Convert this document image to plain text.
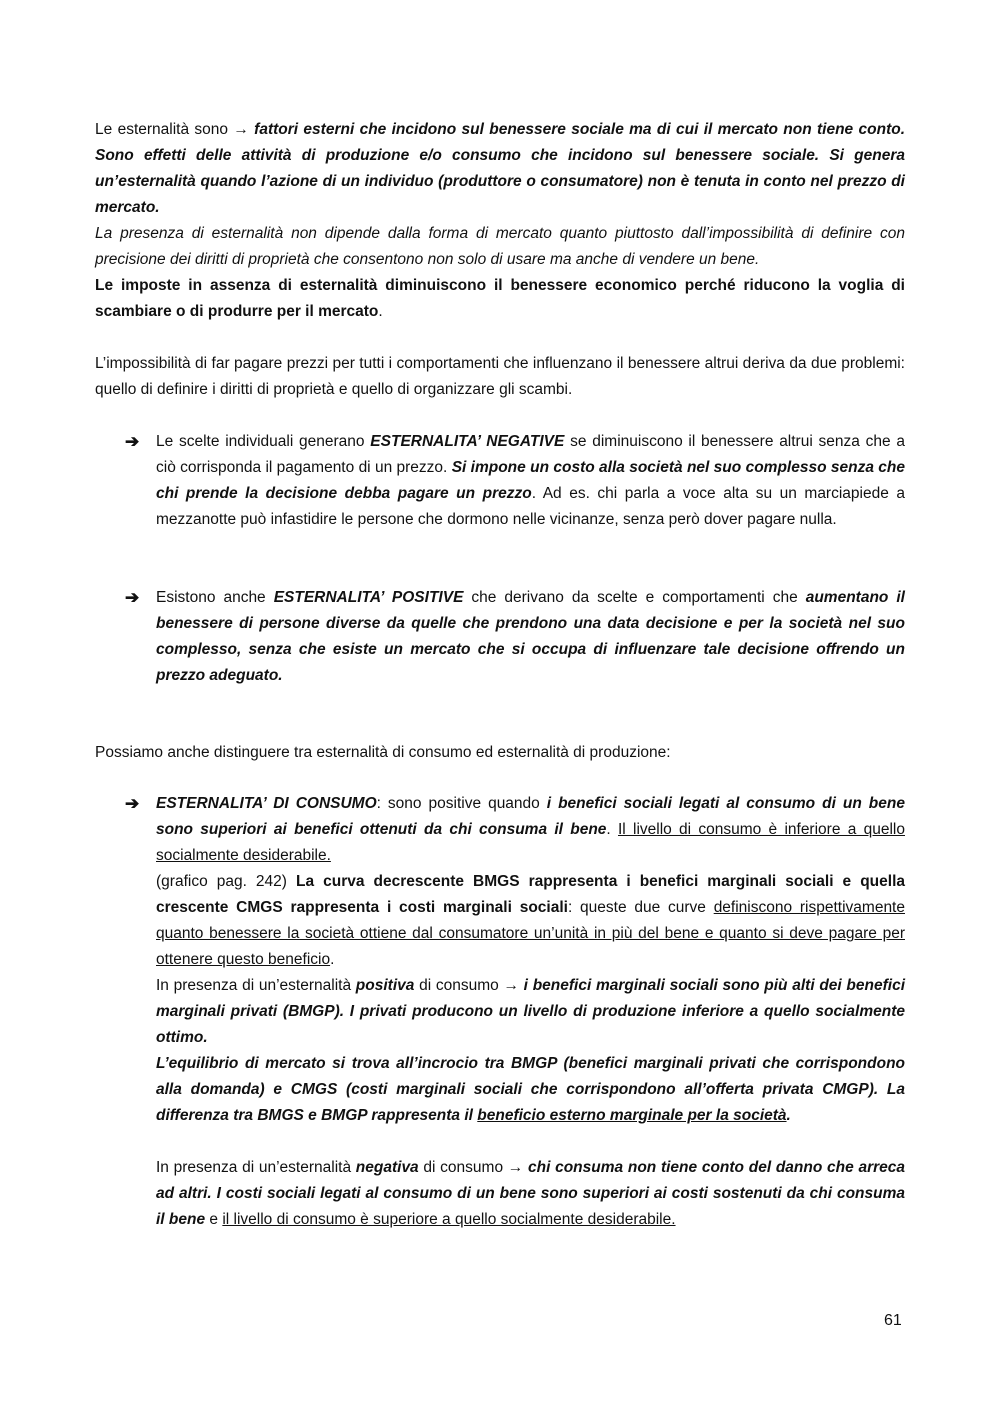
Le esternalità sono → fattori esterni che incidono sul benessere sociale ma di cui il mercato non tiene conto. Sono effetti delle attività di produzione e/o consumo che incidono sul benessere sociale. Si genera un’esternalità quando l’azione di un individuo (produttore o consumatore) non è tenuta in conto nel prezzo di mercato.

La presenza di esternalità non dipende dalla forma di mercato quanto piuttosto dall’impossibilità di definire con precisione dei diritti di proprietà che consentono non solo di usare ma anche di vendere un bene.

Le imposte in assenza di esternalità diminuiscono il benessere economico perché riducono la voglia di scambiare o di produrre per il mercato.

L’impossibilità di far pagare prezzi per tutti i comportamenti che influenzano il benessere altrui deriva da due problemi: quello di definire i diritti di proprietà e quello di organizzare gli scambi.

➔ Le scelte individuali generano ESTERNALITA’ NEGATIVE se diminuiscono il benessere altrui senza che a ciò corrisponda il pagamento di un prezzo. Si impone un costo alla società nel suo complesso senza che chi prende la decisione debba pagare un prezzo. Ad es. chi parla a voce alta su un marciapiede a mezzanotte può infastidire le persone che dormono nelle vicinanze, senza però dover pagare nulla.
➔ Esistono anche ESTERNALITA’ POSITIVE che derivano da scelte e comportamenti che aumentano il benessere di persone diverse da quelle che prendono una data decisione e per la società nel suo complesso, senza che esiste un mercato che si occupa di influenzare tale decisione offrendo un prezzo adeguato.

Possiamo anche distinguere tra esternalità di consumo ed esternalità di produzione:

➔ ESTERNALITA’ DI CONSUMO: sono positive quando i benefici sociali legati al consumo di un bene sono superiori ai benefici ottenuti da chi consuma il bene. Il livello di consumo è inferiore a quello socialmente desiderabile.

(grafico pag. 242) La curva decrescente BMGS rappresenta i benefici marginali sociali e quella crescente CMGS rappresenta i costi marginali sociali: queste due curve definiscono rispettivamente quanto benessere la società ottiene dal consumatore un’unità in più del bene e quanto si deve pagare per ottenere questo beneficio.

In presenza di un’esternalità positiva di consumo → i benefici marginali sociali sono più alti dei benefici marginali privati (BMGP). I privati producono un livello di produzione inferiore a quello socialmente ottimo.

L’equilibrio di mercato si trova all’incrocio tra BMGP (benefici marginali privati che corrispondono alla domanda) e CMGS (costi marginali sociali che corrispondono all’offerta privata CMGP). La differenza tra BMGS e BMGP rappresenta il beneficio esterno marginale per la società.

In presenza di un’esternalità negativa di consumo → chi consuma non tiene conto del danno che arreca ad altri. I costi sociali legati al consumo di un bene sono superiori ai costi sostenuti da chi consuma il bene e il livello di consumo è superiore a quello socialmente desiderabile.

61
